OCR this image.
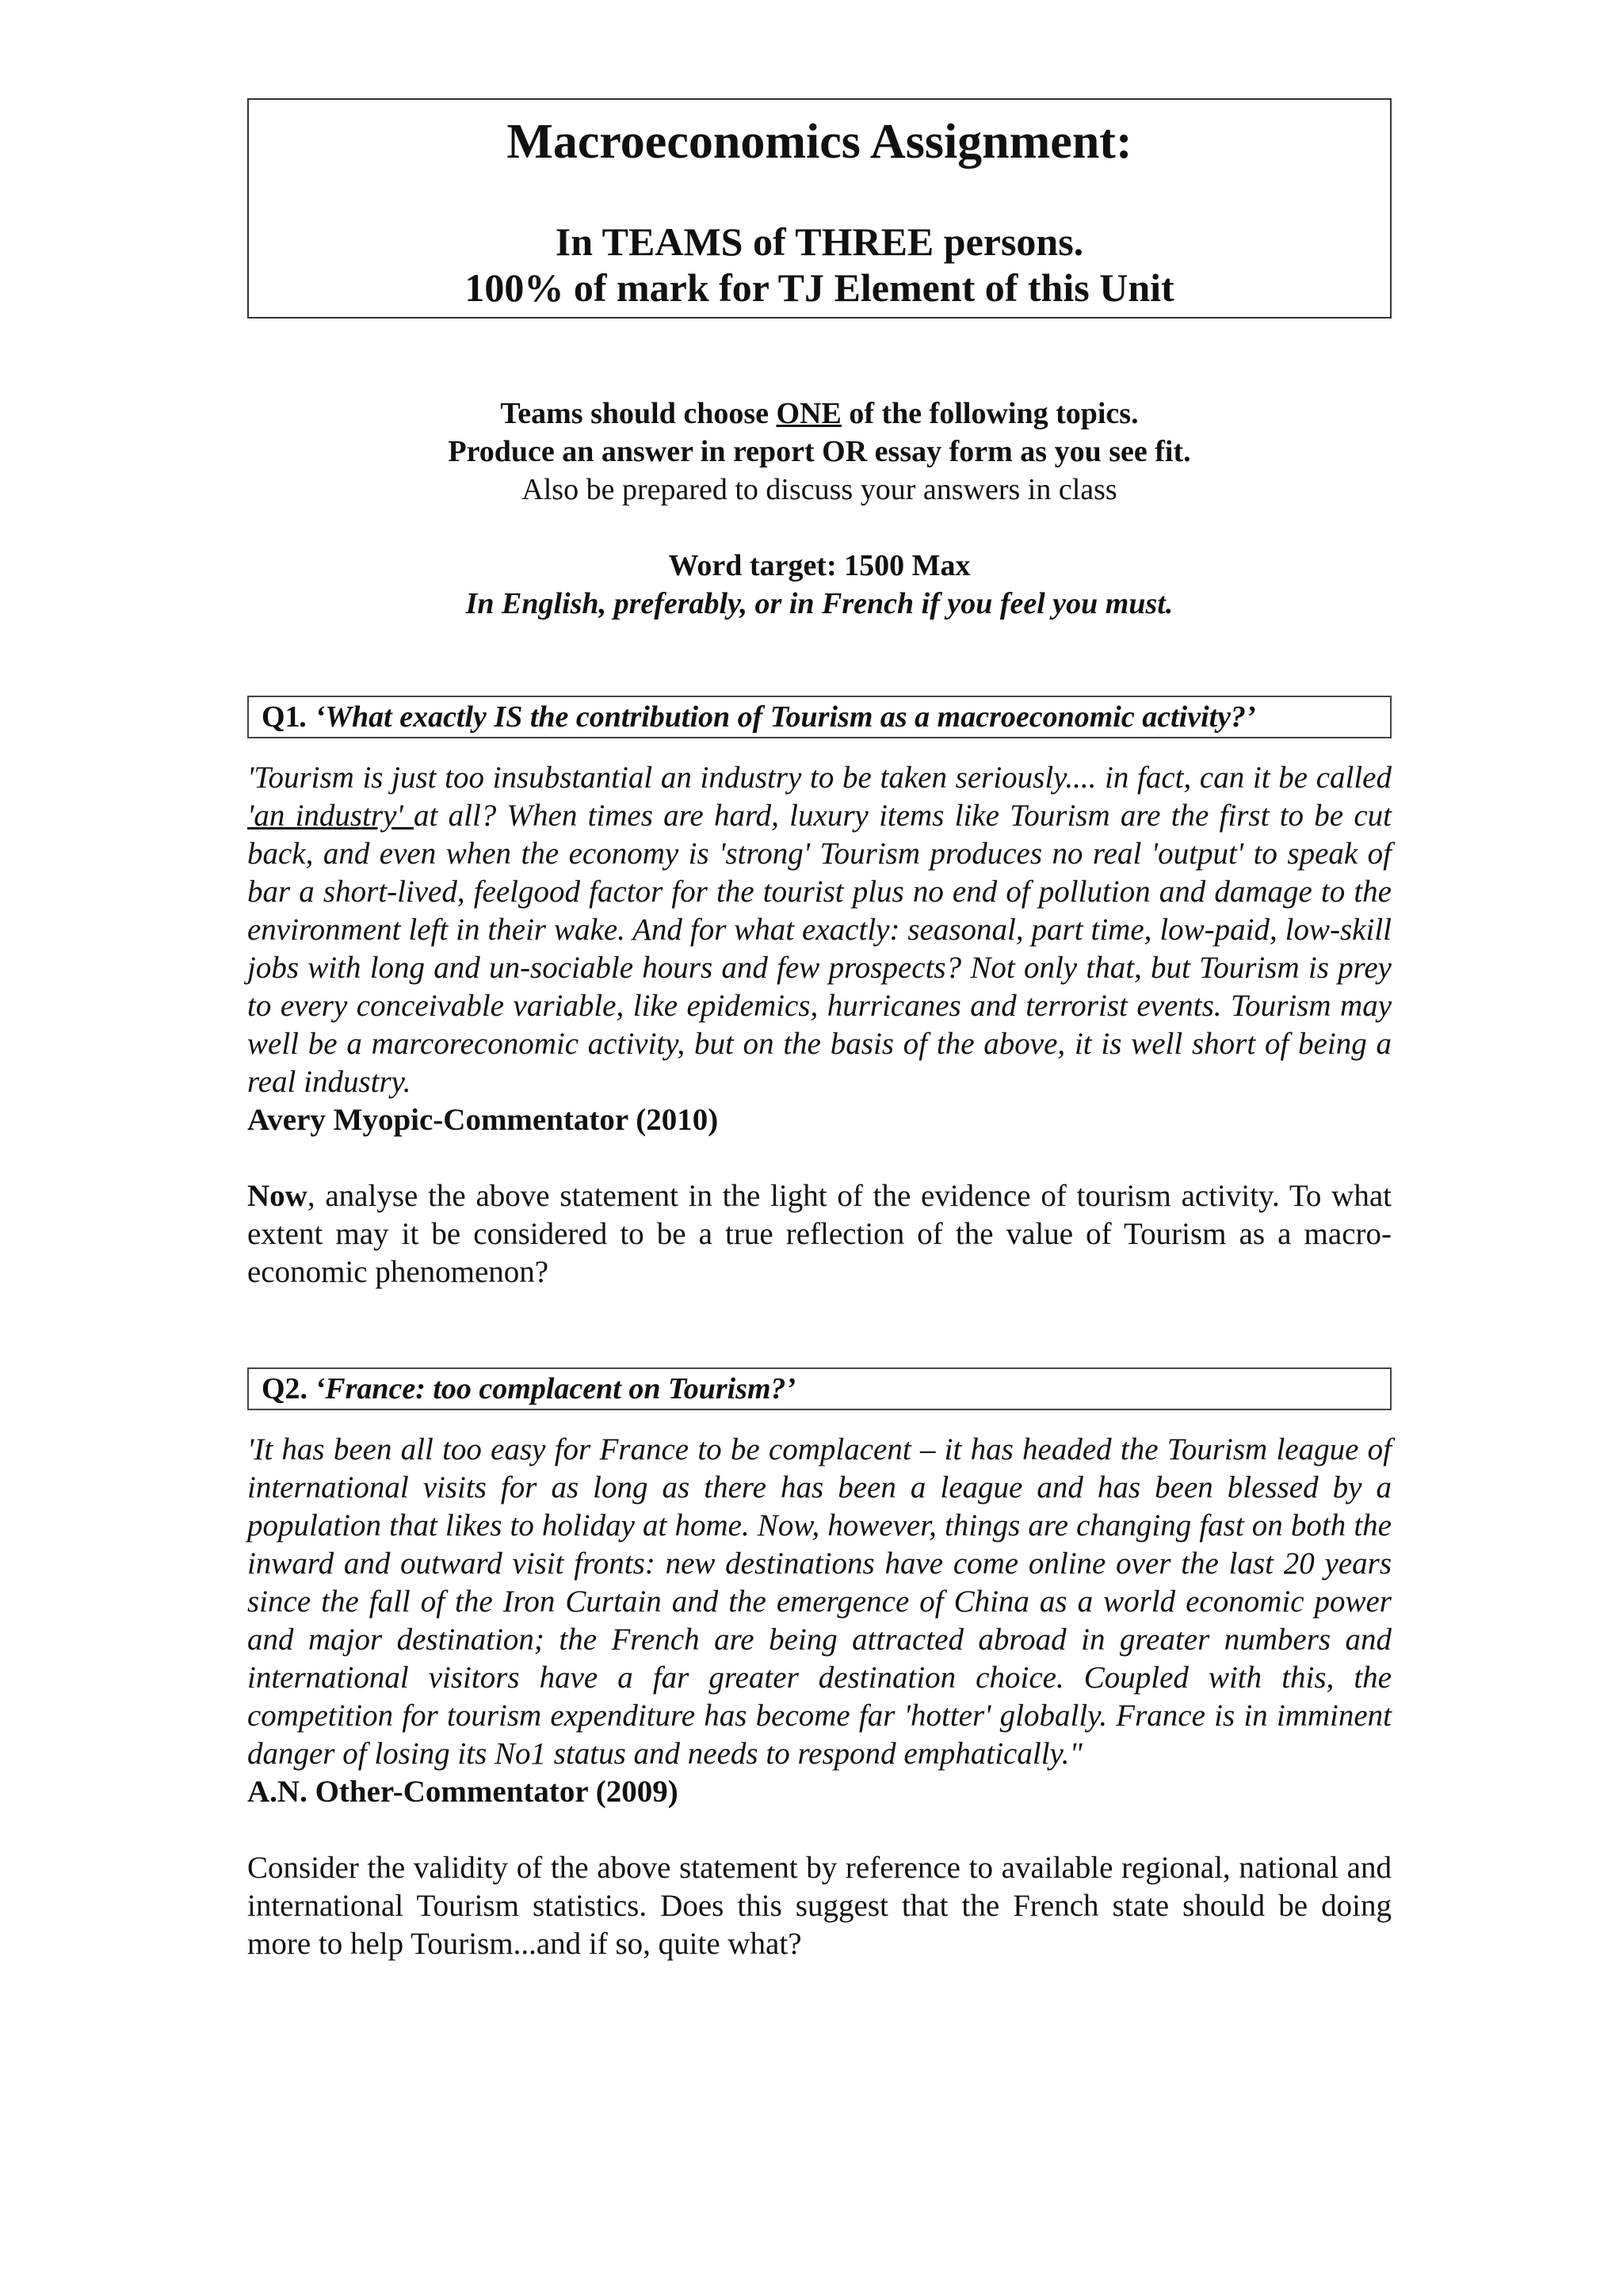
Macroeconomics Assignment:

In TEAMS of THREE persons.

100% of mark for TJ Element of this Unit

Teams should choose ONE of the following topics.
Produce an answer in report OR essay form as you see fit.
Also be prepared to discuss your answers in class
Word target: 1500 Max
In English, preferably, or in French if you feel you must.
Q1. ‘What exactly IS the contribution of Tourism as a macroeconomic activity?’

'Tourism is just too insubstantial an industry to be taken seriously.... in fact, can it be called 'an industry' at all? When times are hard, luxury items like Tourism are the first to be cut back, and even when the economy is 'strong' Tourism produces no real 'output' to speak of bar a short-lived, feelgood factor for the tourist plus no end of pollution and damage to the environment left in their wake. And for what exactly: seasonal, part time, low-paid, low-skill jobs with long and un-sociable hours and few prospects? Not only that, but Tourism is prey to every conceivable variable, like epidemics, hurricanes and terrorist events. Tourism may well be a marcoreconomic activity, but on the basis of the above, it is well short of being a real industry.

Avery Myopic-Commentator (2010)

Now, analyse the above statement in the light of the evidence of tourism activity. To what extent may it be considered to be a true reflection of the value of Tourism as a macro-economic phenomenon?

Q2. ‘France: too complacent on Tourism?’

'It has been all too easy for France to be complacent – it has headed the Tourism league of international visits for as long as there has been a league and has been blessed by a population that likes to holiday at home. Now, however, things are changing fast on both the inward and outward visit fronts: new destinations have come online over the last 20 years since the fall of the Iron Curtain and the emergence of China as a world economic power and major destination; the French are being attracted abroad in greater numbers and international visitors have a far greater destination choice. Coupled with this, the competition for tourism expenditure has become far 'hotter' globally. France is in imminent danger of losing its No1 status and needs to respond emphatically."

A.N. Other-Commentator (2009)

Consider the validity of the above statement by reference to available regional, national and international Tourism statistics. Does this suggest that the French state should be doing more to help Tourism...and if so, quite what?
